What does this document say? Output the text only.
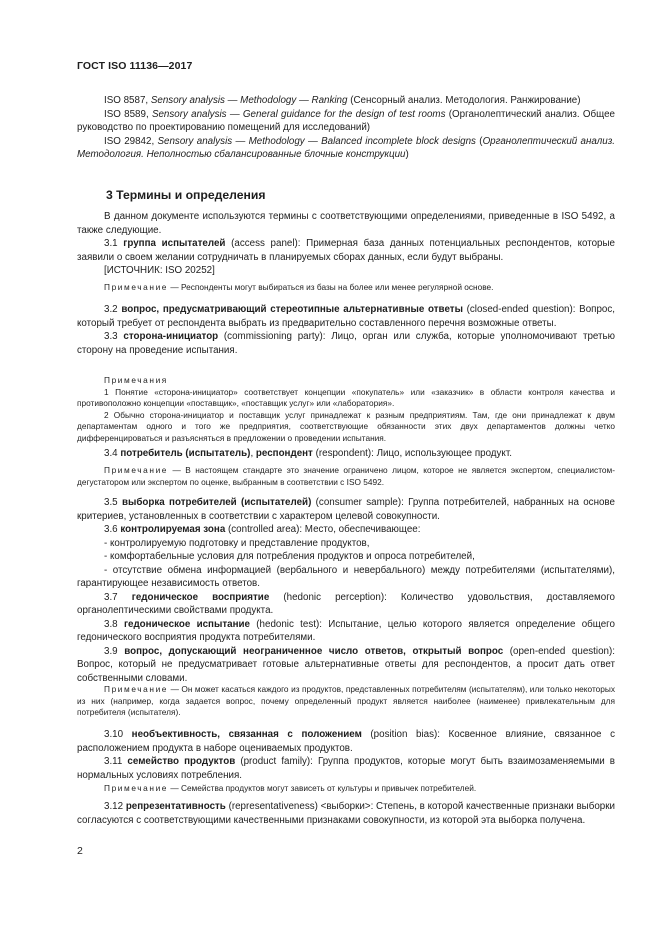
ГОСТ ISO 11136—2017

ISO 8587, Sensory analysis — Methodology — Ranking (Сенсорный анализ. Методология. Ранжирование)

ISO 8589, Sensory analysis — General guidance for the design of test rooms (Органолептический анализ. Общее руководство по проектированию помещений для исследований)

ISO 29842, Sensory analysis — Methodology — Balanced incomplete block designs (Органолептический анализ. Методология. Неполностью сбалансированные блочные конструкции)

3 Термины и определения

В данном документе используются термины с соответствующими определениями, приведенные в ISO 5492, а также следующие.

3.1 группа испытателей (access panel): Примерная база данных потенциальных респондентов, которые заявили о своем желании сотрудничать в планируемых сборах данных, если будут выбраны.

[ИСТОЧНИК: ISO 20252]

Примечание — Респонденты могут выбираться из базы на более или менее регулярной основе.

3.2 вопрос, предусматривающий стереотипные альтернативные ответы (closed-ended question): Вопрос, который требует от респондента выбрать из предварительно составленного перечня возможные ответы.

3.3 сторона-инициатор (commissioning party): Лицо, орган или служба, которые уполномочивают третью сторону на проведение испытания.

Примечания

1 Понятие «сторона-инициатор» соответствует концепции «покупатель» или «заказчик» в области контроля качества и противоположно концепции «поставщик», «поставщик услуг» или «лаборатория».

2 Обычно сторона-инициатор и поставщик услуг принадлежат к разным предприятиям. Там, где они принадлежат к двум департаментам одного и того же предприятия, соответствующие обязанности этих двух департаментов должны четко дифференцироваться и разъясняться в предложении о проведении испытания.

3.4 потребитель (испытатель), респондент (respondent): Лицо, использующее продукт.

Примечание — В настоящем стандарте это значение ограничено лицом, которое не является экспертом, специалистом-дегустатором или экспертом по оценке, выбранным в соответствии с ISO 5492.

3.5 выборка потребителей (испытателей) (consumer sample): Группа потребителей, набранных на основе критериев, установленных в соответствии с характером целевой совокупности.

3.6 контролируемая зона (controlled area): Место, обеспечивающее:

- контролируемую подготовку и представление продуктов,

- комфортабельные условия для потребления продуктов и опроса потребителей,

- отсутствие обмена информацией (вербального и невербального) между потребителями (испытателями), гарантирующее независимость ответов.

3.7 гедоническое восприятие (hedonic perception): Количество удовольствия, доставляемого органолептическими свойствами продукта.

3.8 гедоническое испытание (hedonic test): Испытание, целью которого является определение общего гедонического восприятия продукта потребителями.

3.9 вопрос, допускающий неограниченное число ответов, открытый вопрос (open-ended question): Вопрос, который не предусматривает готовые альтернативные ответы для респондентов, а просит дать ответ собственными словами.

Примечание — Он может касаться каждого из продуктов, представленных потребителям (испытателям), или только некоторых из них (например, когда задается вопрос, почему определенный продукт является наиболее (наименее) привлекательным для потребителя (испытателя).

3.10 необъективность, связанная с положением (position bias): Косвенное влияние, связанное с расположением продукта в наборе оцениваемых продуктов.

3.11 семейство продуктов (product family): Группа продуктов, которые могут быть взаимозаменяемыми в нормальных условиях потребления.

Примечание — Семейства продуктов могут зависеть от культуры и привычек потребителей.

3.12 репрезентативность (representativeness) <выборки>: Степень, в которой качественные признаки выборки согласуются с соответствующими качественными признаками совокупности, из которой эта выборка получена.

2
